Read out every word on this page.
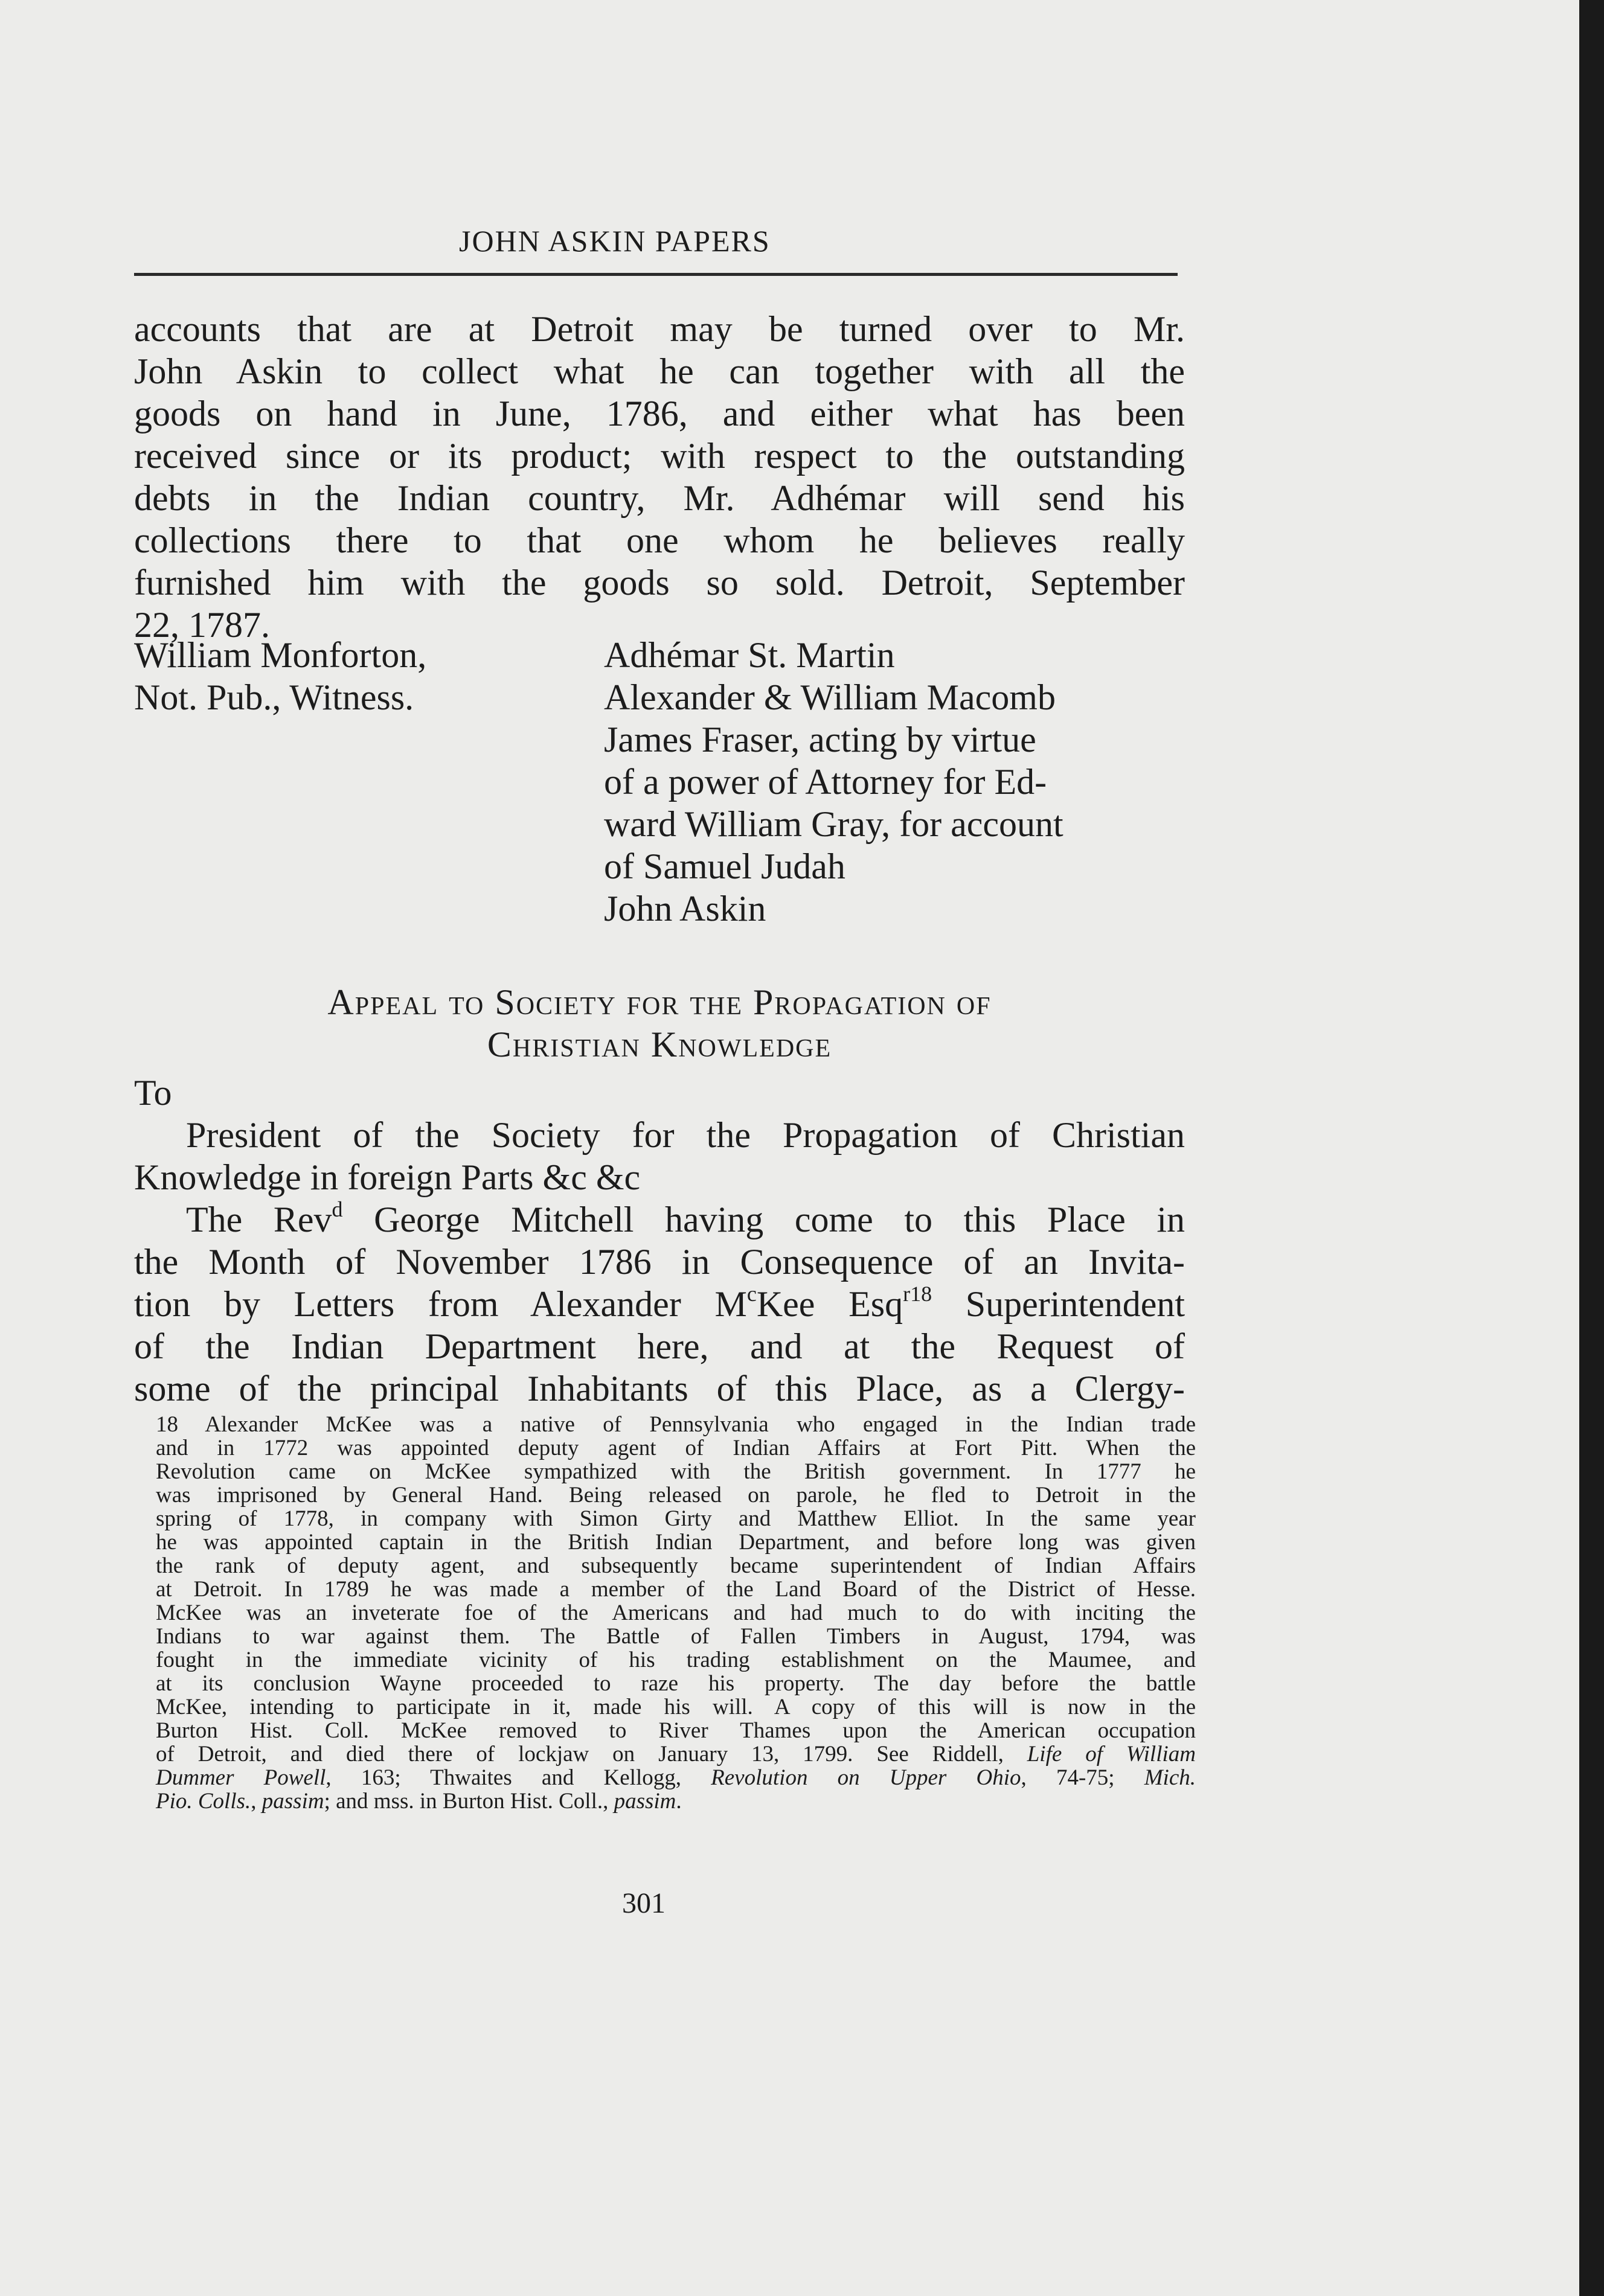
JOHN ASKIN PAPERS
accounts that are at Detroit may be turned over to Mr.
John Askin to collect what he can together with all the
goods on hand in June, 1786, and either what has been
received since or its product; with respect to the outstanding
debts in the Indian country, Mr. Adhémar will send his
collections there to that one whom he believes really
furnished him with the goods so sold. Detroit, September
22, 1787.
William Monforton,
Not. Pub., Witness.
Adhémar St. Martin
Alexander & William Macomb
James Fraser, acting by virtue
of a power of Attorney for Ed-
ward William Gray, for account
of Samuel Judah
John Askin
Appeal to Society for the Propagation of
Christian Knowledge
To
President of the Society for the Propagation of Christian
Knowledge in foreign Parts &c &c
The Rev$^d$ George Mitchell having come to this Place in
the Month of November 1786 in Consequence of an Invita-
tion by Letters from Alexander $M^cKee$ Esq$^{r18}$ Superintendent
of the Indian Department here, and at the Request of
some of the principal Inhabitants of this Place, as a Clergy-
18 Alexander McKee was a native of Pennsylvania who engaged in the Indian trade
and in 1772 was appointed deputy agent of Indian Affairs at Fort Pitt. When the
Revolution came on McKee sympathized with the British government. In 1777 he
was imprisoned by General Hand. Being released on parole, he fled to Detroit in the
spring of 1778, in company with Simon Girty and Matthew Elliot. In the same year
he was appointed captain in the British Indian Department, and before long was given
the rank of deputy agent, and subsequently became superintendent of Indian Affairs
at Detroit. In 1789 he was made a member of the Land Board of the District of Hesse.
McKee was an inveterate foe of the Americans and had much to do with inciting the
Indians to war against them. The Battle of Fallen Timbers in August, 1794, was
fought in the immediate vicinity of his trading establishment on the Maumee, and
at its conclusion Wayne proceeded to raze his property. The day before the battle
McKee, intending to participate in it, made his will. A copy of this will is now in the
Burton Hist. Coll. McKee removed to River Thames upon the American occupation
of Detroit, and died there of lockjaw on January 13, 1799. See Riddell, Life of William
Dummer Powell, 163; Thwaites and Kellogg, Revolution on Upper Ohio, 74-75; Mich.
Pio. Colls., passim; and mss. in Burton Hist. Coll., passim.
301
